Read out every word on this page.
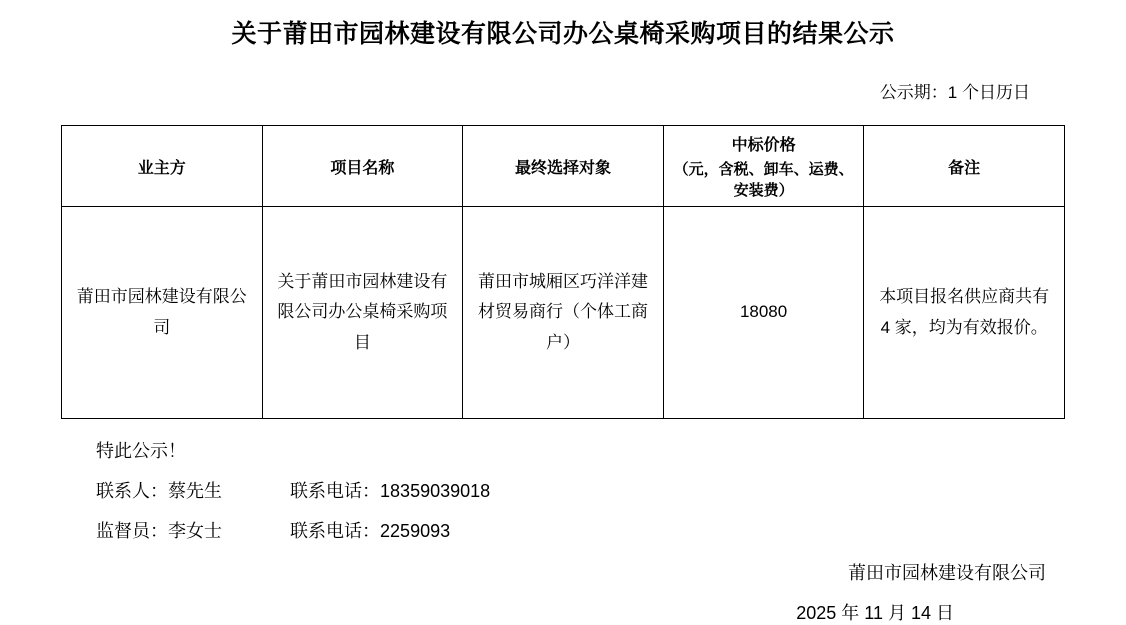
关于莆田市园林建设有限公司办公桌椅采购项目的结果公示
公示期：1 个日历日
业主方	项目名称	最终选择对象	中标价格
（元，含税、卸车、运费、安装费）	备注
莆田市园林建设有限公司	关于莆田市园林建设有限公司办公桌椅采购项目	莆田市城厢区巧洋洋建材贸易商行（个体工商户）	18080	本项目报名供应商共有 4 家，均为有效报价。
特此公示！
联系人：蔡先生	联系电话：18359039018
监督员：李女士	联系电话：2259093
莆田市园林建设有限公司
2025 年 11 月 14 日
